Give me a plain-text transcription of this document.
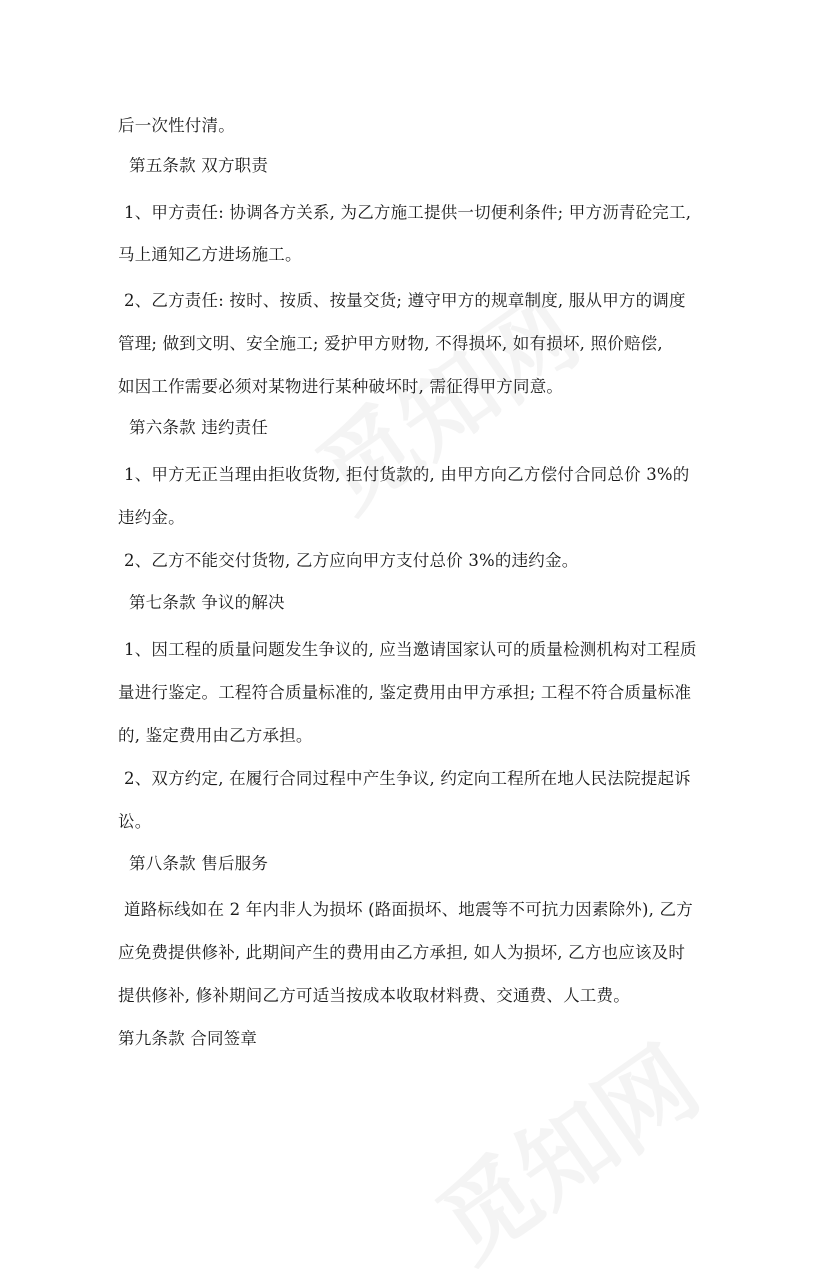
后一次性付清。
第五条款 双方职责
1、甲方责任: 协调各方关系, 为乙方施工提供一切便利条件; 甲方沥青砼完工,
马上通知乙方进场施工。
2、乙方责任: 按时、按质、按量交货; 遵守甲方的规章制度, 服从甲方的调度
管理; 做到文明、安全施工; 爱护甲方财物, 不得损坏, 如有损坏, 照价赔偿,
如因工作需要必须对某物进行某种破坏时, 需征得甲方同意。
第六条款 违约责任
1、甲方无正当理由拒收货物, 拒付货款的, 由甲方向乙方偿付合同总价 3%的
违约金。
2、乙方不能交付货物, 乙方应向甲方支付总价 3%的违约金。
第七条款 争议的解决
1、因工程的质量问题发生争议的, 应当邀请国家认可的质量检测机构对工程质
量进行鉴定。工程符合质量标准的, 鉴定费用由甲方承担; 工程不符合质量标准
的, 鉴定费用由乙方承担。
2、双方约定, 在履行合同过程中产生争议, 约定向工程所在地人民法院提起诉
讼。
第八条款 售后服务
道路标线如在 2 年内非人为损坏 (路面损坏、地震等不可抗力因素除外), 乙方
应免费提供修补, 此期间产生的费用由乙方承担, 如人为损坏, 乙方也应该及时
提供修补, 修补期间乙方可适当按成本收取材料费、交通费、人工费。
第九条款 合同签章
